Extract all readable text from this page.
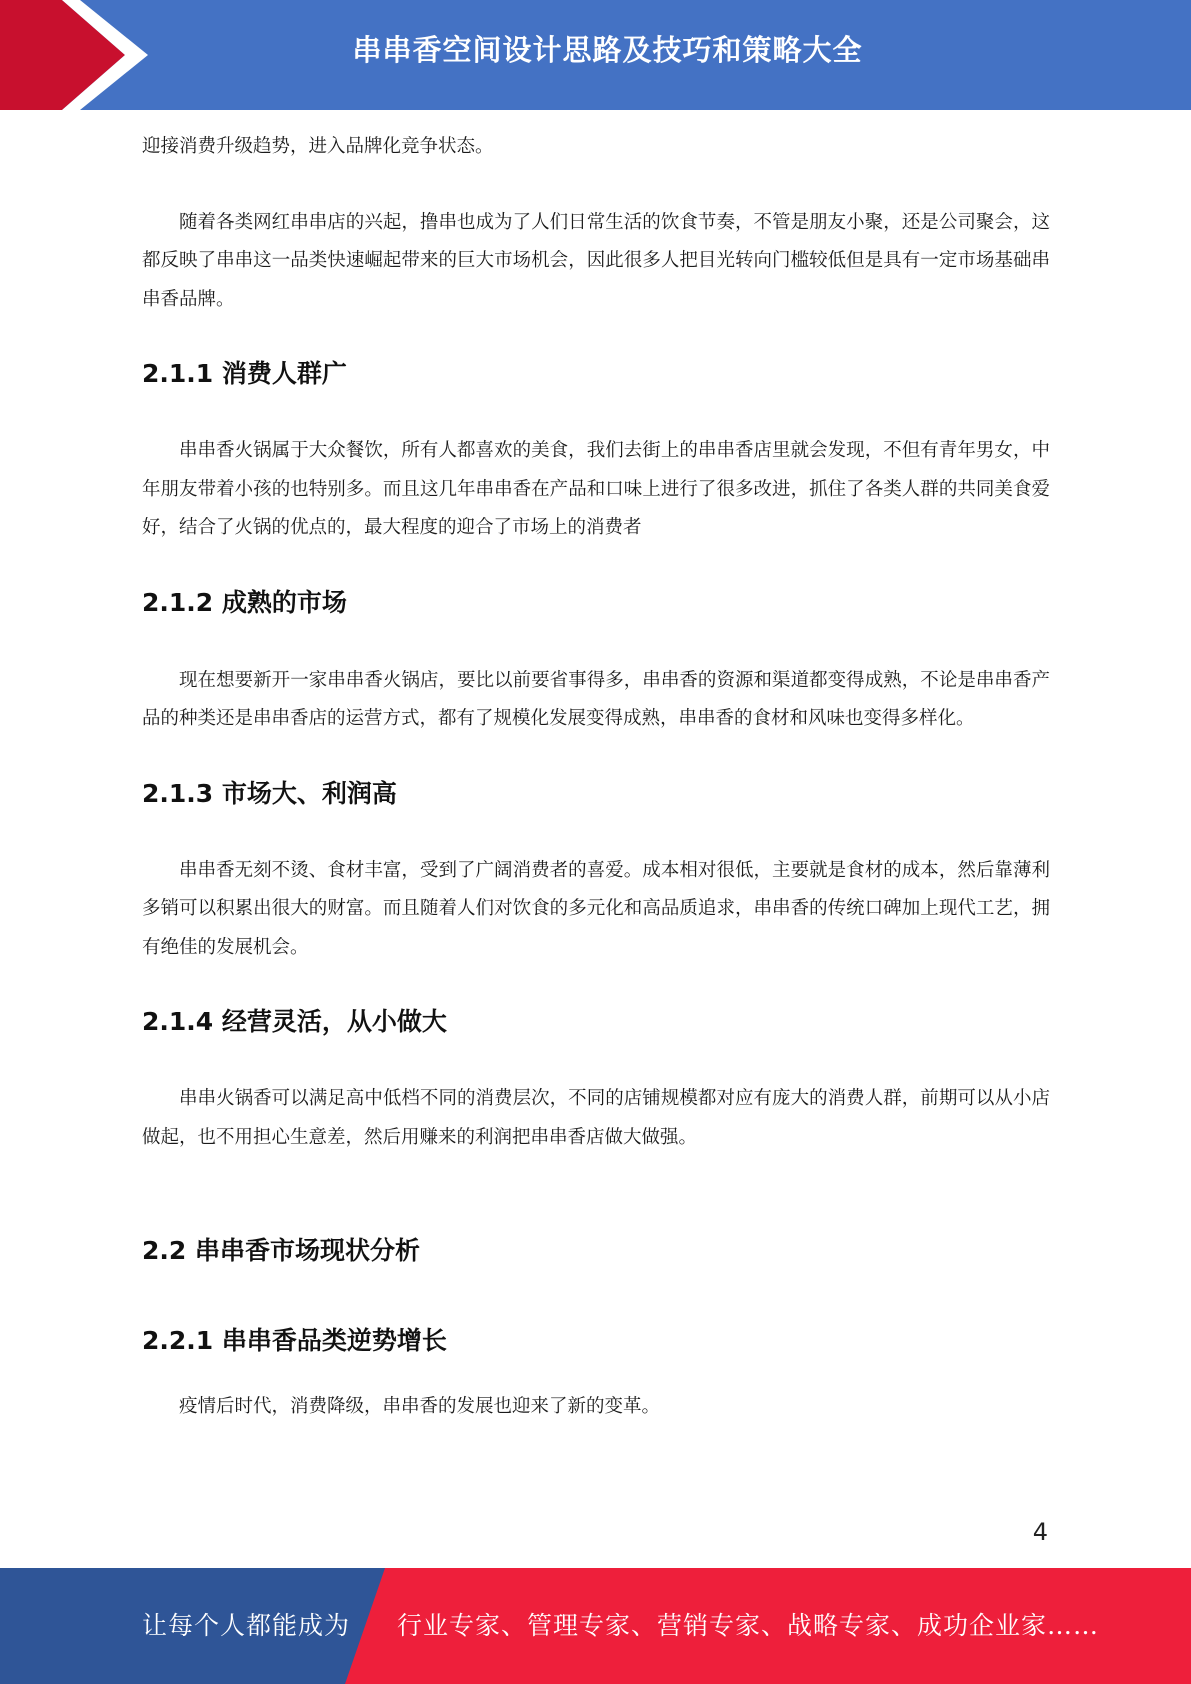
串串香空间设计思路及技巧和策略大全

迎接消费升级趋势，进入品牌化竞争状态。

随着各类网红串串店的兴起，撸串也成为了人们日常生活的饮食节奏，不管是朋友小聚，还是公司聚会，这都反映了串串这一品类快速崛起带来的巨大市场机会，因此很多人把目光转向门槛较低但是具有一定市场基础串串香品牌。

2.1.1 消费人群广

串串香火锅属于大众餐饮，所有人都喜欢的美食，我们去街上的串串香店里就会发现，不但有青年男女，中年朋友带着小孩的也特别多。而且这几年串串香在产品和口味上进行了很多改进，抓住了各类人群的共同美食爱好，结合了火锅的优点的，最大程度的迎合了市场上的消费者

2.1.2 成熟的市场

现在想要新开一家串串香火锅店，要比以前要省事得多，串串香的资源和渠道都变得成熟，不论是串串香产品的种类还是串串香店的运营方式，都有了规模化发展变得成熟，串串香的食材和风味也变得多样化。

2.1.3 市场大、利润高

串串香无刻不烫、食材丰富，受到了广阔消费者的喜爱。成本相对很低，主要就是食材的成本，然后靠薄利多销可以积累出很大的财富。而且随着人们对饮食的多元化和高品质追求，串串香的传统口碑加上现代工艺，拥有绝佳的发展机会。

2.1.4 经营灵活，从小做大

串串火锅香可以满足高中低档不同的消费层次，不同的店铺规模都对应有庞大的消费人群，前期可以从小店做起，也不用担心生意差，然后用赚来的利润把串串香店做大做强。

2.2 串串香市场现状分析
2.2.1 串串香品类逆势增长

疫情后时代，消费降级，串串香的发展也迎来了新的变革。

4
让每个人都能成为 行业专家、管理专家、营销专家、战略专家、成功企业家……
